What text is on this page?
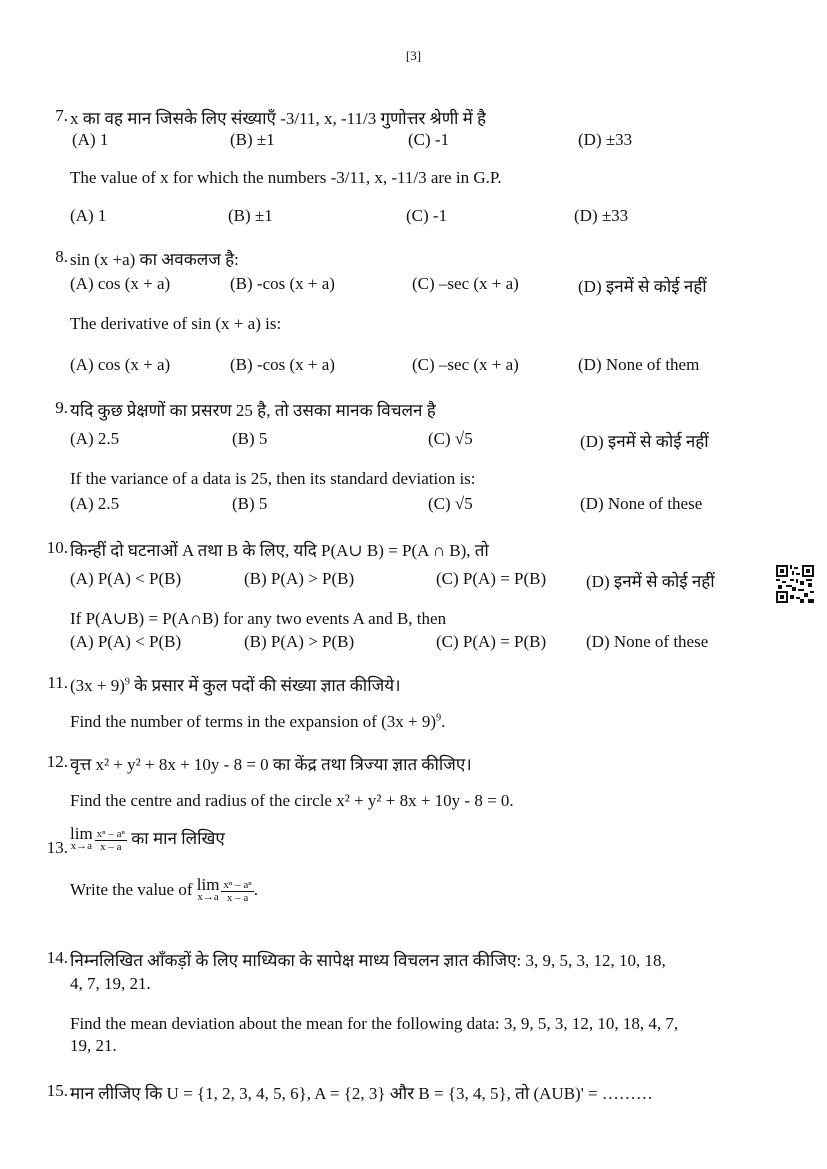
[3]
7. x का वह मान जिसके लिए संख्याएँ -3/11, x, -11/3 गुणोत्तर श्रेणी में है
(A) 1	(B) ±1	(C) -1	(D) ±33
The value of x for which the numbers -3/11, x, -11/3 are in G.P.
(A) 1	(B) ±1	(C) -1	(D) ±33
8. sin (x +a) का अवकलज है:
(A) cos (x + a)	(B) -cos (x + a)	(C) –sec (x + a)	(D) इनमें से कोई नहीं
The derivative of sin (x + a) is:
(A) cos (x + a)	(B) -cos (x + a)	(C) –sec (x + a)	(D) None of them
9. यदि कुछ प्रेक्षणों का प्रसरण 25 है, तो उसका मानक विचलन है
(A) 2.5	(B) 5	(C) √5	(D) इनमें से कोई नहीं
If the variance of a data is 25, then its standard deviation is:
(A) 2.5	(B) 5	(C) √5	(D) None of these
10. किन्हीं दो घटनाओं A तथा B के लिए, यदि P(A∪ B) = P(A ∩ B), तो
(A) P(A) < P(B)	(B) P(A) > P(B)	(C) P(A) = P(B) (D) इनमें से कोई नहीं
If P(A∪B) = P(A∩B) for any two events A and B, then
(A) P(A) < P(B)	(B) P(A) > P(B)	(C) P(A) = P(B) (D) None of these
11. $(3x + 9)^9$ के प्रसार में कुल पदों की संख्या ज्ञात कीजिये।
Find the number of terms in the expansion of $(3x + 9)^9$.
12. वृत्त x² + y² + 8x + 10y - 8 = 0 का केंद्र तथा त्रिज्या ज्ञात कीजिए।
Find the centre and radius of the circle x² + y² + 8x + 10y - 8 = 0.
13.
lim
$x\to a \frac{\text{xⁿ – aⁿ}}{x - a}$ का मान लिखिए
Write the value of lim
$x\to a \frac{\text{xⁿ – aⁿ}}{x - a}$ .
14. निम्नलिखित आँकड़ों के लिए माध्यिका के सापेक्ष माध्य विचलन ज्ञात कीजिए: 3, 9, 5, 3, 12, 10, 18,
4, 7, 19, 21.
Find the mean deviation about the mean for the following data: 3, 9, 5, 3, 12, 10, 18, 4, 7,
19, 21.
15. मान लीजिए कि U = {1, 2, 3, 4, 5, 6}, A = {2, 3} और B = {3, 4, 5}, तो (AUB)' = ………
